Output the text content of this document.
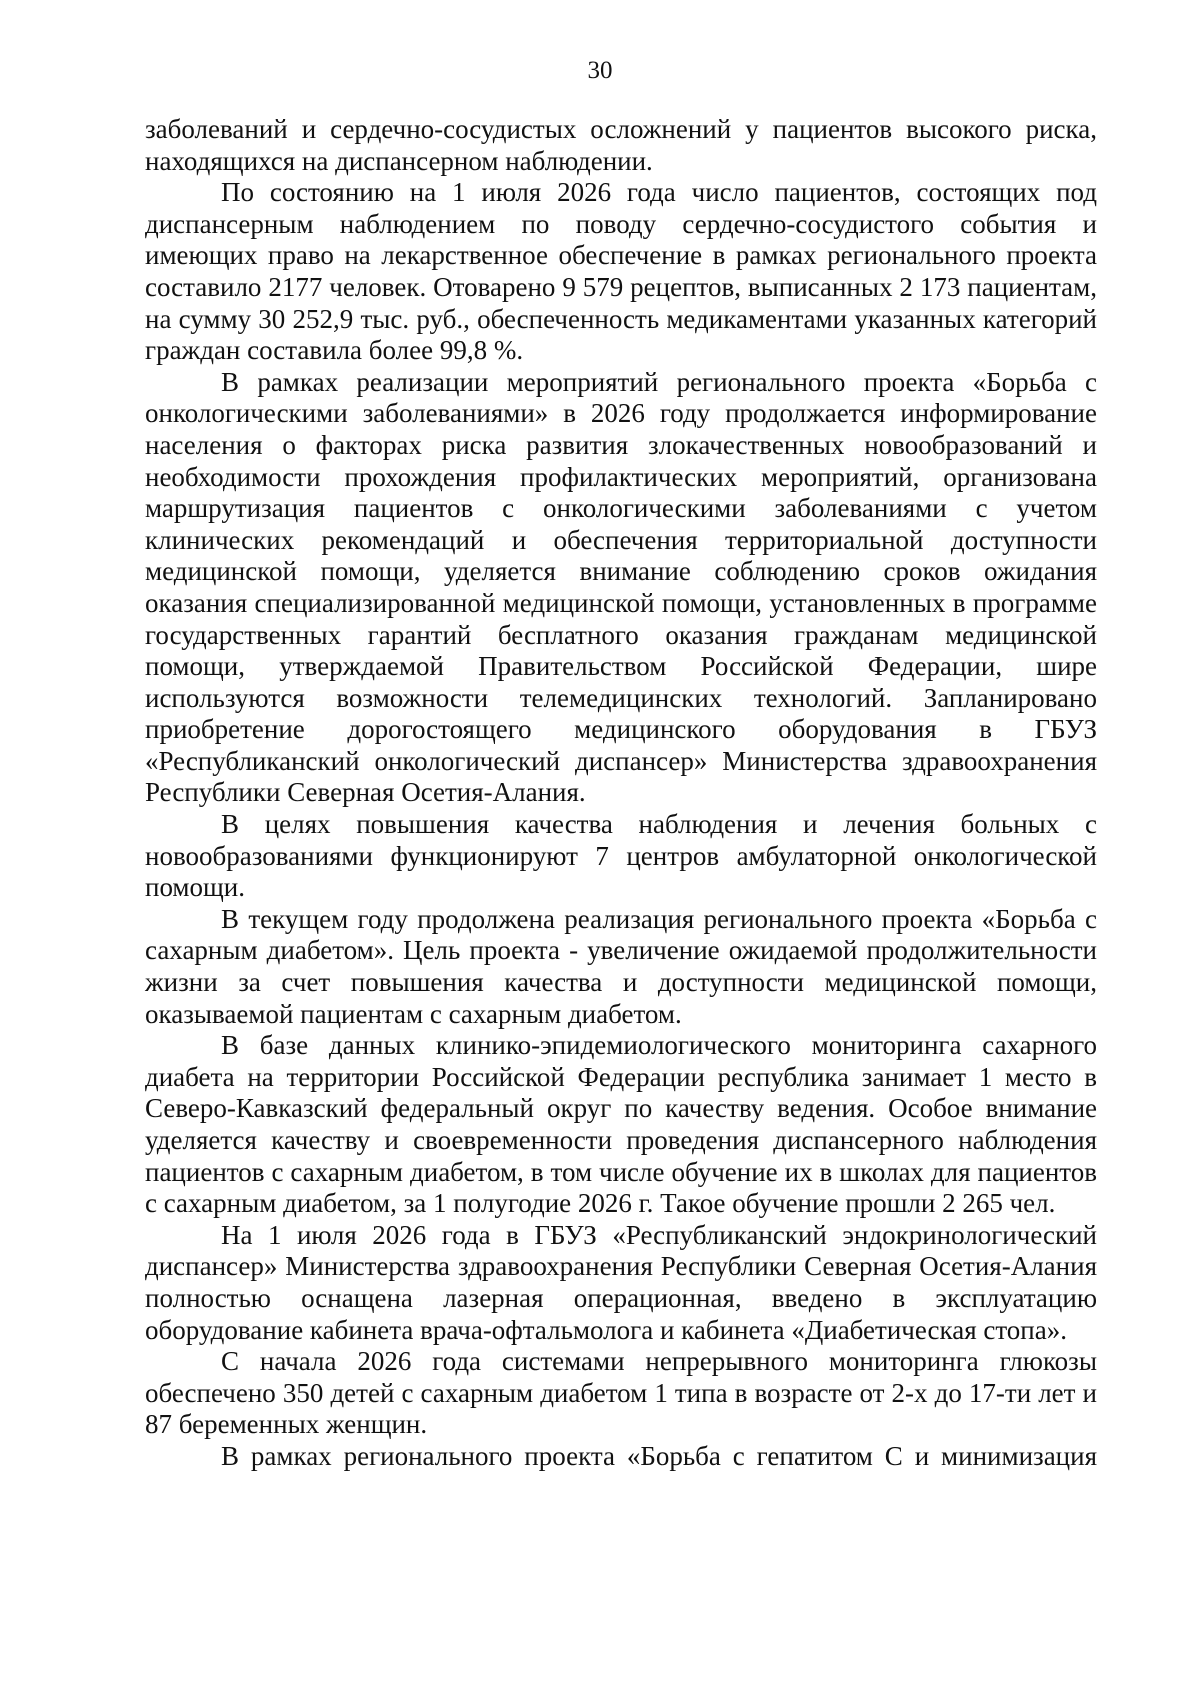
30

заболеваний и сердечно-сосудистых осложнений у пациентов высокого риска, находящихся на диспансерном наблюдении.

По состоянию на 1 июля 2026 года число пациентов, состоящих под диспансерным наблюдением по поводу сердечно-сосудистого события и имеющих право на лекарственное обеспечение в рамках регионального проекта составило 2177 человек. Отоварено 9 579 рецептов, выписанных 2 173 пациентам, на сумму 30 252,9 тыс. руб., обеспеченность медикаментами указанных категорий граждан составила более 99,8 %.

В рамках реализации мероприятий регионального проекта «Борьба с онкологическими заболеваниями» в 2026 году продолжается информирование населения о факторах риска развития злокачественных новообразований и необходимости прохождения профилактических мероприятий, организована маршрутизация пациентов с онкологическими заболеваниями с учетом клинических рекомендаций и обеспечения территориальной доступности медицинской помощи, уделяется внимание соблюдению сроков ожидания оказания специализированной медицинской помощи, установленных в программе государственных гарантий бесплатного оказания гражданам медицинской помощи, утверждаемой Правительством Российской Федерации, шире используются возможности телемедицинских технологий. Запланировано приобретение дорогостоящего медицинского оборудования в ГБУЗ «Республиканский онкологический диспансер» Министерства здравоохранения Республики Северная Осетия-Алания.

В целях повышения качества наблюдения и лечения больных с новообразованиями функционируют 7 центров амбулаторной онкологической помощи.

В текущем году продолжена реализация регионального проекта «Борьба с сахарным диабетом». Цель проекта - увеличение ожидаемой продолжительности жизни за счет повышения качества и доступности медицинской помощи, оказываемой пациентам с сахарным диабетом.

В базе данных клинико-эпидемиологического мониторинга сахарного диабета на территории Российской Федерации республика занимает 1 место в Северо-Кавказский федеральный округ по качеству ведения. Особое внимание уделяется качеству и своевременности проведения диспансерного наблюдения пациентов с сахарным диабетом, в том числе обучение их в школах для пациентов с сахарным диабетом, за 1 полугодие 2026 г. Такое обучение прошли 2 265 чел.

На 1 июля 2026 года в ГБУЗ «Республиканский эндокринологический диспансер» Министерства здравоохранения Республики Северная Осетия-Алания полностью оснащена лазерная операционная, введено в эксплуатацию оборудование кабинета врача-офтальмолога и кабинета «Диабетическая стопа».

С начала 2026 года системами непрерывного мониторинга глюкозы обеспечено 350 детей с сахарным диабетом 1 типа в возрасте от 2-х до 17-ти лет и 87 беременных женщин.

В рамках регионального проекта «Борьба с гепатитом С и минимизация
